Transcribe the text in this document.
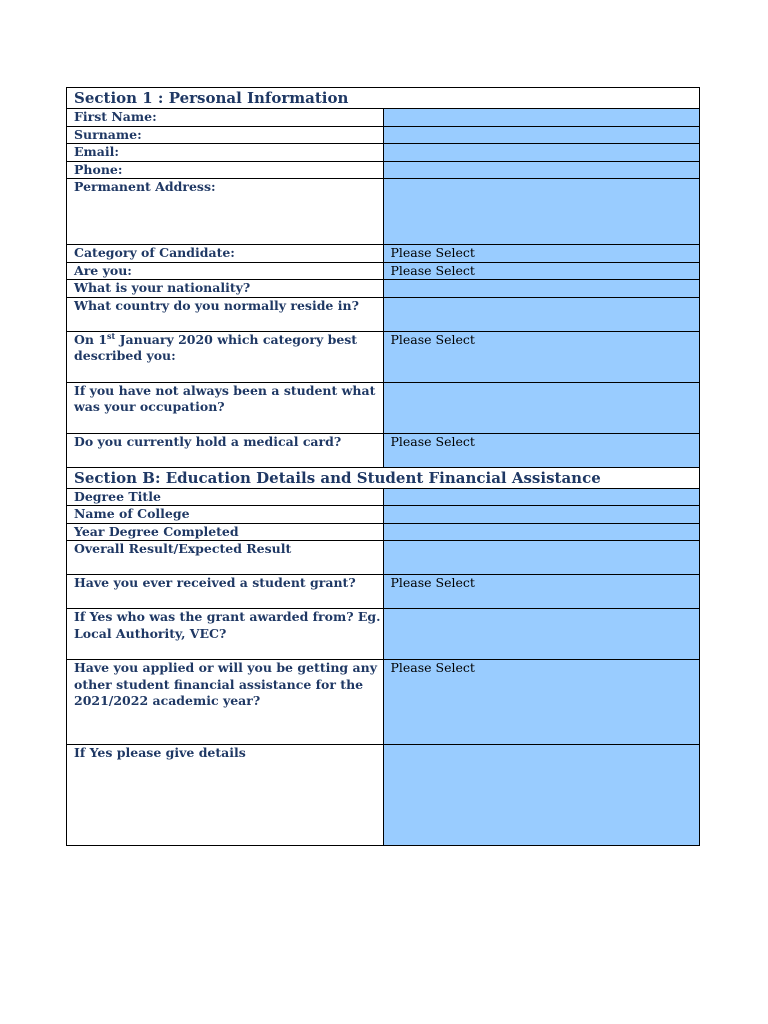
Section 1 : Personal Information	
First Name:	
Surname:	
Email:	
Phone:	
Permanent Address:	
Category of Candidate:	Please Select
Are you:	Please Select
What is your nationality?	
What country do you normally reside in?	
On 1st January 2020 which category best described you:	Please Select
If you have not always been a student what was your occupation?	
Do you currently hold a medical card?	Please Select
Section B: Education Details and Student Financial Assistance	
Degree Title	
Name of College	
Year Degree Completed	
Overall Result/Expected Result	
Have you ever received a student grant?	Please Select
If Yes who was the grant awarded from? Eg. Local Authority, VEC?	
Have you applied or will you be getting any other student financial assistance for the 2021/2022 academic year?	Please Select
If Yes please give details	
